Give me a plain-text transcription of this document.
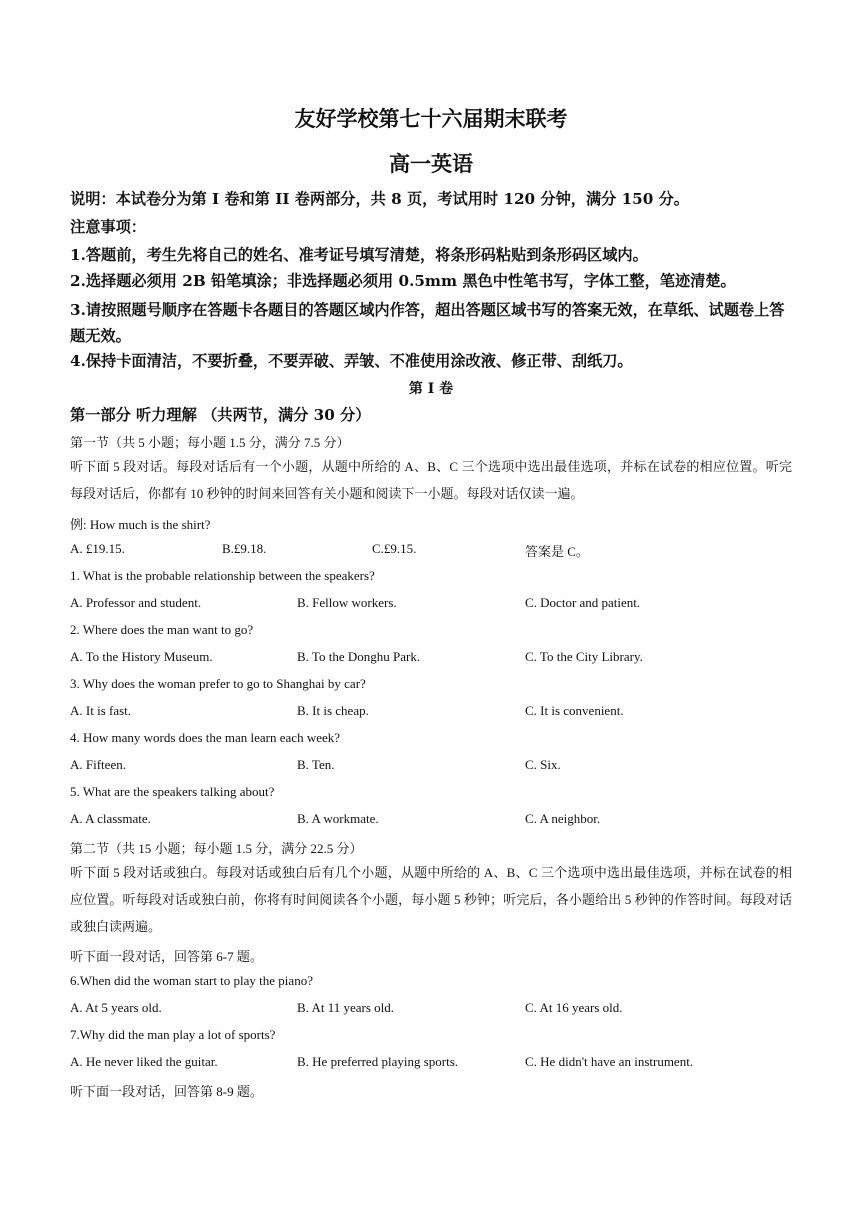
友好学校第七十六届期末联考
高一英语
说明：本试卷分为第 I 卷和第 II 卷两部分，共 8 页，考试用时 120 分钟，满分 150 分。
注意事项：
1.答题前，考生先将自己的姓名、准考证号填写清楚，将条形码粘贴到条形码区域内。
2.选择题必须用 2B 铅笔填涂；非选择题必须用 0.5mm 黑色中性笔书写，字体工整，笔迹清楚。
3.请按照题号顺序在答题卡各题目的答题区域内作答，超出答题区域书写的答案无效，在草纸、试题卷上答题无效。
4.保持卡面清洁，不要折叠，不要弄破、弄皱、不准使用涂改液、修正带、刮纸刀。
第 I 卷
第一部分 听力理解 （共两节，满分 30 分）
第一节（共 5 小题；每小题 1.5 分，满分 7.5 分）
听下面 5 段对话。每段对话后有一个小题，从题中所给的 A、B、C 三个选项中选出最佳选项，并标在试卷的相应位置。听完每段对话后，你都有 10 秒钟的时间来回答有关小题和阅读下一小题。每段对话仅读一遍。
例: How much is the shirt?
A. £19.15.	B.£9.18.	C.£9.15.	答案是 C。
1. What is the probable relationship between the speakers?
A. Professor and student.	B. Fellow workers.	C. Doctor and patient.
2. Where does the man want to go?
A. To the History Museum.	B. To the Donghu Park.	C. To the City Library.
3. Why does the woman prefer to go to Shanghai by car?
A. It is fast.	B. It is cheap.	C. It is convenient.
4. How many words does the man learn each week?
A. Fifteen.	B. Ten.	C. Six.
5. What are the speakers talking about?
A. A classmate.	B. A workmate.	C. A neighbor.
第二节（共 15 小题；每小题 1.5 分，满分 22.5 分）
听下面 5 段对话或独白。每段对话或独白后有几个小题，从题中所给的 A、B、C 三个选项中选出最佳选项，并标在试卷的相应位置。听每段对话或独白前，你将有时间阅读各个小题，每小题 5 秒钟；听完后，各小题给出 5 秒钟的作答时间。每段对话或独白读两遍。
听下面一段对话，回答第 6-7 题。
6.When did the woman start to play the piano?
A. At 5 years old.	B. At 11 years old.	C. At 16 years old.
7.Why did the man play a lot of sports?
A. He never liked the guitar.	B. He preferred playing sports.	C. He didn't have an instrument.
听下面一段对话，回答第 8-9 题。
